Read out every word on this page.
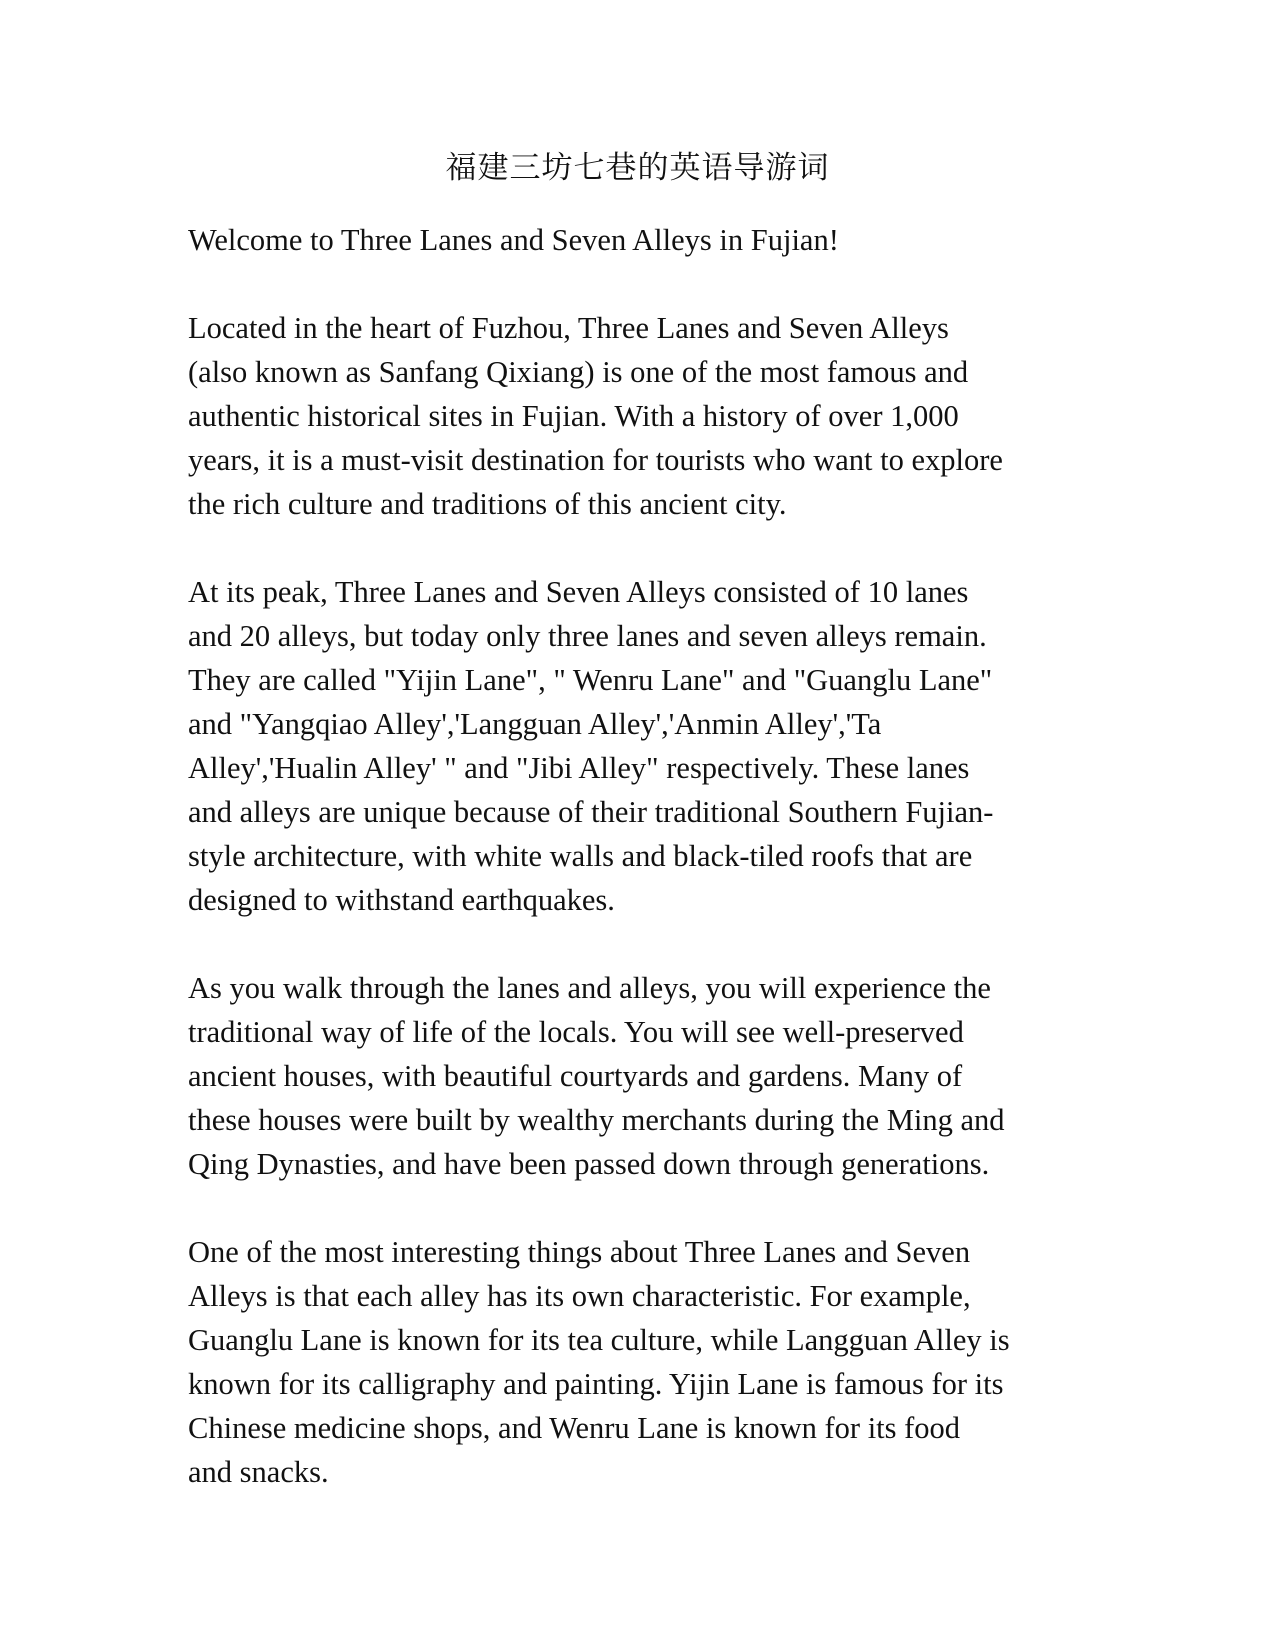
福建三坊七巷的英语导游词

Welcome to Three Lanes and Seven Alleys in Fujian!

Located in the heart of Fuzhou, Three Lanes and Seven Alleys
(also known as Sanfang Qixiang) is one of the most famous and
authentic historical sites in Fujian. With a history of over 1,000
years, it is a must-visit destination for tourists who want to explore
the rich culture and traditions of this ancient city.

At its peak, Three Lanes and Seven Alleys consisted of 10 lanes
and 20 alleys, but today only three lanes and seven alleys remain.
They are called "Yijin Lane", " Wenru Lane" and "Guanglu Lane"
and "Yangqiao Alley','Langguan Alley','Anmin Alley','Ta
Alley','Hualin Alley' " and "Jibi Alley" respectively. These lanes
and alleys are unique because of their traditional Southern Fujian-
style architecture, with white walls and black-tiled roofs that are
designed to withstand earthquakes.

As you walk through the lanes and alleys, you will experience the
traditional way of life of the locals. You will see well-preserved
ancient houses, with beautiful courtyards and gardens. Many of
these houses were built by wealthy merchants during the Ming and
Qing Dynasties, and have been passed down through generations.

One of the most interesting things about Three Lanes and Seven
Alleys is that each alley has its own characteristic. For example,
Guanglu Lane is known for its tea culture, while Langguan Alley is
known for its calligraphy and painting. Yijin Lane is famous for its
Chinese medicine shops, and Wenru Lane is known for its food
and snacks.
